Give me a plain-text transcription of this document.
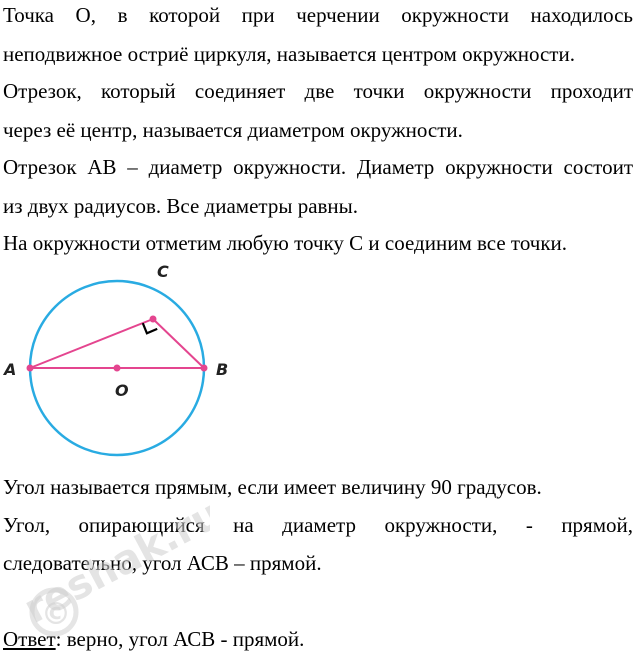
Точка О, в которой при черчении окружности находилось
неподвижное остриё циркуля, называется центром окружности.
Отрезок, который соединяет две точки окружности проходит
через её центр, называется диаметром окружности.
Отрезок АВ – диаметр окружности. Диаметр окружности состоит
из двух радиусов. Все диаметры равны.
На окружности отметим любую точку С и соединим все точки.
C
A	B
O
Угол называется прямым, если имеет величину 90 градусов.
Угол, опирающийся на диаметр окружности, - прямой,
следовательно, угол АСВ – прямой.
Ответ: верно, угол АСВ - прямой.
©
reshak.ru
